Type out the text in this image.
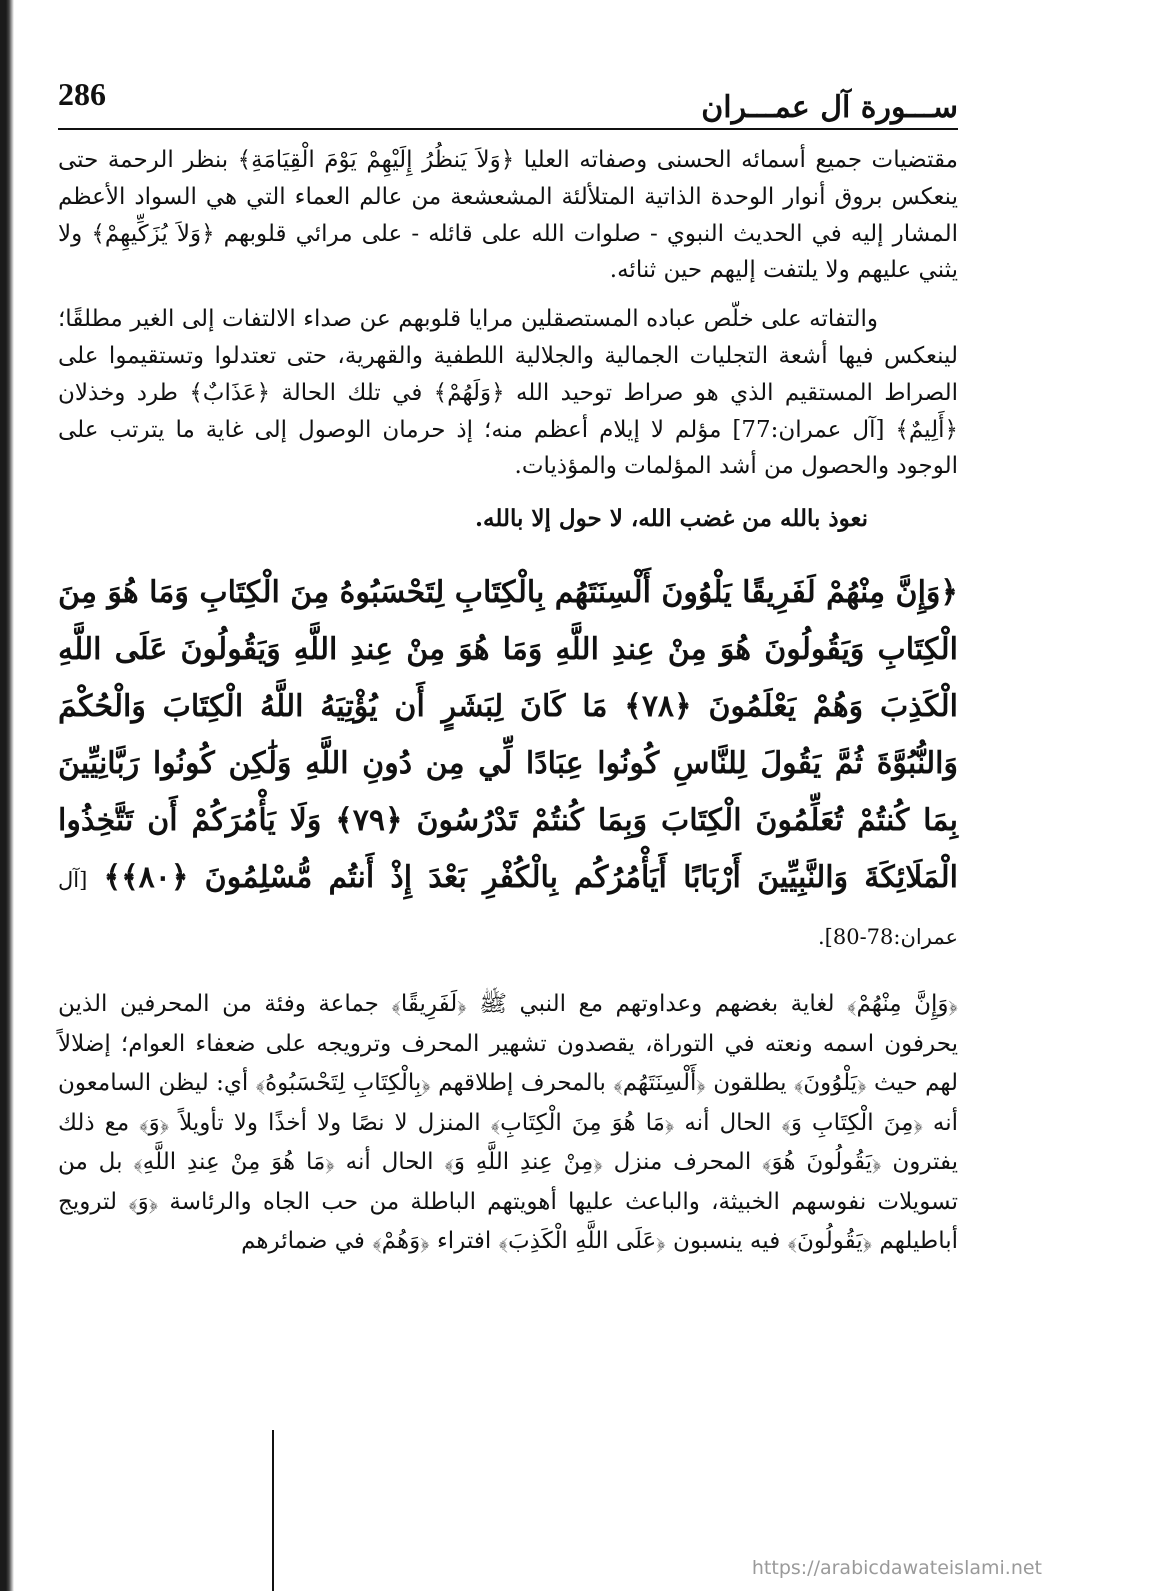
ســـورة آل عمـــران
286

مقتضيات جميع أسمائه الحسنى وصفاته العليا ﴿وَلاَ يَنظُرُ إِلَيْهِمْ يَوْمَ الْقِيَامَةِ﴾ بنظر الرحمة حتى ينعكس بروق أنوار الوحدة الذاتية المتلألئة المشعشعة من عالم العماء التي هي السواد الأعظم المشار إليه في الحديث النبوي - صلوات الله على قائله - على مرائي قلوبهم ﴿وَلاَ يُزَكِّيهِمْ﴾ ولا يثني عليهم ولا يلتفت إليهم حين ثنائه.

والتفاته على خلّص عباده المستصقلين مرايا قلوبهم عن صداء الالتفات إلى الغير مطلقًا؛ لينعكس فيها أشعة التجليات الجمالية والجلالية اللطفية والقهرية، حتى تعتدلوا وتستقيموا على الصراط المستقيم الذي هو صراط توحيد الله ﴿وَلَهُمْ﴾ في تلك الحالة ﴿عَذَابٌ﴾ طرد وخذلان ﴿أَلِيمٌ﴾ [آل عمران:77] مؤلم لا إيلام أعظم منه؛ إذ حرمان الوصول إلى غاية ما يترتب على الوجود والحصول من أشد المؤلمات والمؤذيات.

نعوذ بالله من غضب الله، لا حول إلا بالله.
﴿وَإِنَّ مِنْهُمْ لَفَرِيقًا يَلْوُونَ أَلْسِنَتَهُم بِالْكِتَابِ لِتَحْسَبُوهُ مِنَ الْكِتَابِ وَمَا هُوَ مِنَ الْكِتَابِ وَيَقُولُونَ هُوَ مِنْ عِندِ اللَّهِ وَمَا هُوَ مِنْ عِندِ اللَّهِ وَيَقُولُونَ عَلَى اللَّهِ الْكَذِبَ وَهُمْ يَعْلَمُونَ ﴿٧٨﴾ مَا كَانَ لِبَشَرٍ أَن يُؤْتِيَهُ اللَّهُ الْكِتَابَ وَالْحُكْمَ وَالنُّبُوَّةَ ثُمَّ يَقُولَ لِلنَّاسِ كُونُوا عِبَادًا لِّي مِن دُونِ اللَّهِ وَلَٰكِن كُونُوا رَبَّانِيِّينَ بِمَا كُنتُمْ تُعَلِّمُونَ الْكِتَابَ وَبِمَا كُنتُمْ تَدْرُسُونَ ﴿٧٩﴾ وَلَا يَأْمُرَكُمْ أَن تَتَّخِذُوا الْمَلَائِكَةَ وَالنَّبِيِّينَ أَرْبَابًا أَيَأْمُرُكُم بِالْكُفْرِ بَعْدَ إِذْ أَنتُم مُّسْلِمُونَ ﴿٨٠﴾﴾ [آل عمران:78-80].
﴿وَإِنَّ مِنْهُمْ﴾ لغاية بغضهم وعداوتهم مع النبي ﷺ ﴿لَفَرِيقًا﴾ جماعة وفئة من المحرفين الذين يحرفون اسمه ونعته في التوراة، يقصدون تشهير المحرف وترويجه على ضعفاء العوام؛ إضلالاً لهم حيث ﴿يَلْوُونَ﴾ يطلقون ﴿أَلْسِنَتَهُم﴾ بالمحرف إطلاقهم ﴿بِالْكِتَابِ لِتَحْسَبُوهُ﴾ أي: ليظن السامعون أنه ﴿مِنَ الْكِتَابِ وَ﴾ الحال أنه ﴿مَا هُوَ مِنَ الْكِتَابِ﴾ المنزل لا نصًا ولا أخذًا ولا تأويلاً ﴿وَ﴾ مع ذلك يفترون ﴿يَقُولُونَ هُوَ﴾ المحرف منزل ﴿مِنْ عِندِ اللَّهِ وَ﴾ الحال أنه ﴿مَا هُوَ مِنْ عِندِ اللَّهِ﴾ بل من تسويلات نفوسهم الخبيثة، والباعث عليها أهويتهم الباطلة من حب الجاه والرئاسة ﴿وَ﴾ لترويج أباطيلهم ﴿يَقُولُونَ﴾ فيه ينسبون ﴿عَلَى اللَّهِ الْكَذِبَ﴾ افتراء ﴿وَهُمْ﴾ في ضمائرهم
https://arabicdawateislami.net
